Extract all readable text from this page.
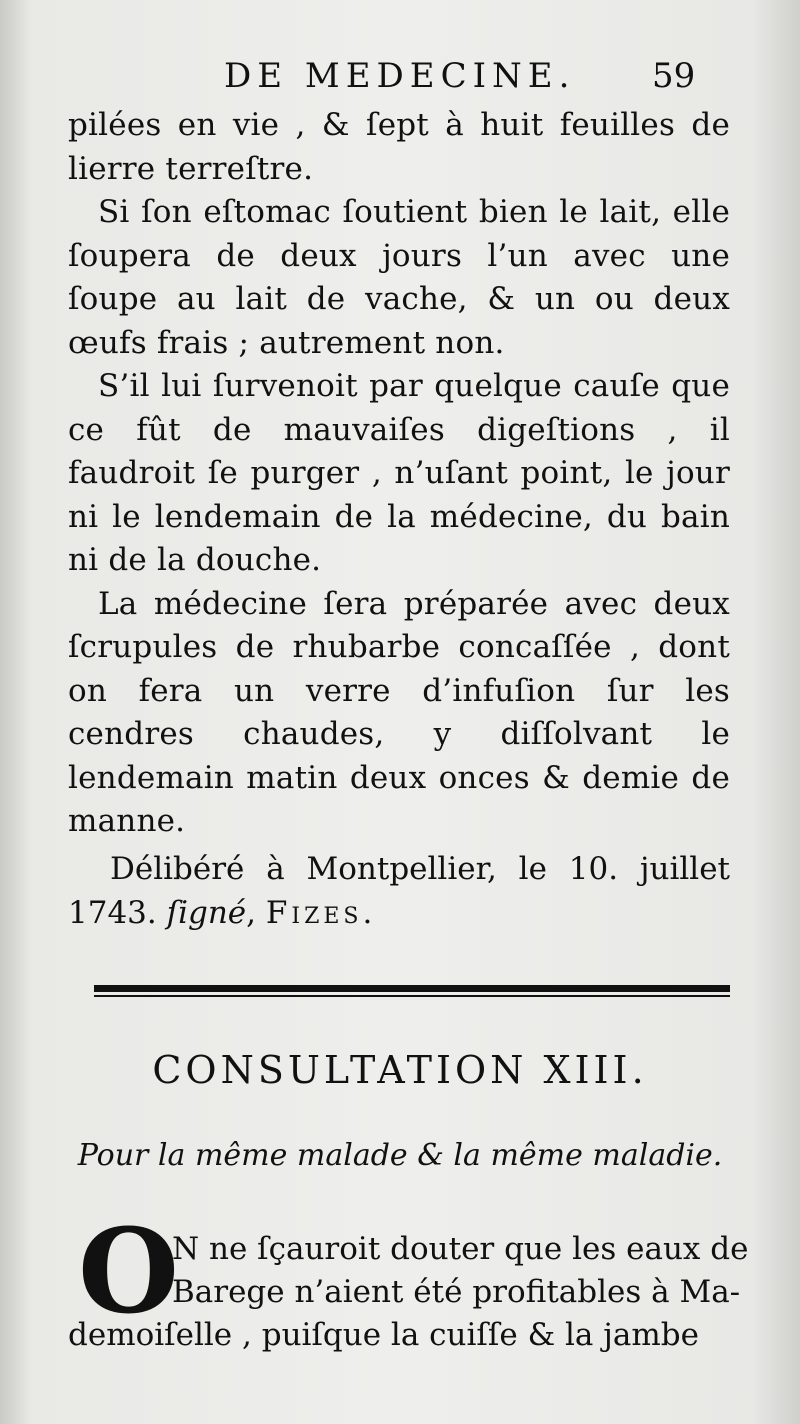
DE MEDECINE. 59

pilées en vie , & ſept à huit feuilles de lierre terreſtre.

Si ſon eſtomac ſoutient bien le lait, elle ſoupera de deux jours l’un avec une ſoupe au lait de vache, & un ou deux œufs frais ; autrement non.

S’il lui ſurvenoit par quelque cauſe que ce fût de mauvaiſes digeſtions , il faudroit ſe purger , n’uſant point, le jour ni le lendemain de la médecine, du bain ni de la douche.

La médecine ſera préparée avec deux ſcrupules de rhubarbe concaſſée , dont on fera un verre d’infuſion ſur les cendres chaudes, y diſſolvant le lendemain matin deux onces & demie de manne.

Délibéré à Montpellier, le 10. juillet 1743. ſigné, Fizes.

CONSULTATION XIII.
Pour la même malade & la même maladie.
O
N ne ſçauroit douter que les eaux de
Barege n’aient été profitables à Ma-
demoiſelle , puiſque la cuiſſe & la jambe
